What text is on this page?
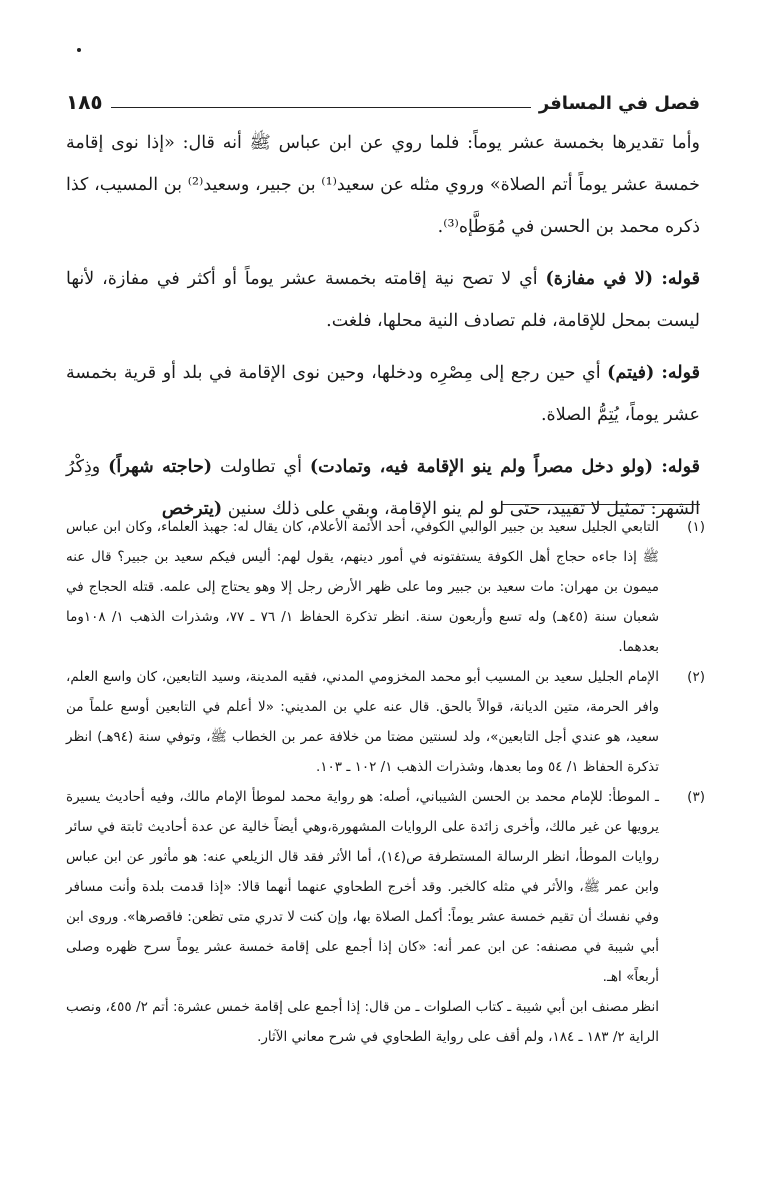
فصل في المسافر
١٨٥

وأما تقديرها بخمسة عشر يوماً: فلما روي عن ابن عباس ﷺ أنه قال: «إذا نوى إقامة خمسة عشر يوماً أتم الصلاة» وروي مثله عن سعيد⁽¹⁾ بن جبير، وسعيد⁽²⁾ بن المسيب، كذا ذكره محمد بن الحسن في مُوَطَّإه⁽³⁾.

قوله: (لا في مفازة) أي لا تصح نية إقامته بخمسة عشر يوماً أو أكثر في مفازة، لأنها ليست بمحل للإقامة، فلم تصادف النية محلها، فلغت.

قوله: (فيتم) أي حين رجع إلى مِصْرِه ودخلها، وحين نوى الإقامة في بلد أو قرية بخمسة عشر يوماً، يُتِمُّ الصلاة.

قوله: (ولو دخل مصراً ولم ينو الإقامة فيه، وتمادت) أي تطاولت (حاجته شهراً) وذِكْرُ الشهر: تمثيل لا تقييد، حتى لو لم ينو الإقامة، وبقي على ذلك سنين (يترخص

(١)

التابعي الجليل سعيد بن جبير الوالبي الكوفي، أحد الأئمة الأعلام، كان يقال له: جهبذ العلماء، وكان ابن عباس ﷺ إذا جاءه حجاج أهل الكوفة يستفتونه في أمور دينهم، يقول لهم: أليس فيكم سعيد بن جبير؟ قال عنه ميمون بن مهران: مات سعيد بن جبير وما على ظهر الأرض رجل إلا وهو يحتاج إلى علمه. قتله الحجاج في شعبان سنة (٤٥هـ) وله تسع وأربعون سنة. انظر تذكرة الحفاظ ١/ ٧٦ ـ ٧٧، وشذرات الذهب ١/ ١٠٨وما بعدهما.

(٢)

الإمام الجليل سعيد بن المسيب أبو محمد المخزومي المدني، فقيه المدينة، وسيد التابعين، كان واسع العلم، وافر الحرمة، متين الديانة، قوالاً بالحق. قال عنه علي بن المديني: «لا أعلم في التابعين أوسع علماً من سعيد، هو عندي أجل التابعين»، ولد لسنتين مضتا من خلافة عمر بن الخطاب ﷺ، وتوفي سنة (٩٤هـ) انظر تذكرة الحفاظ ١/ ٥٤ وما بعدها، وشذرات الذهب ١/ ١٠٢ ـ ١٠٣.

(٣)

ـ الموطأ: للإمام محمد بن الحسن الشيباني، أصله: هو رواية محمد لموطأ الإمام مالك، وفيه أحاديث يسيرة يرويها عن غير مالك، وأخرى زائدة على الروايات المشهورة،وهي أيضاً خالية عن عدة أحاديث ثابتة في سائر روايات الموطأ، انظر الرسالة المستطرفة ص(١٤)، أما الأثر فقد قال الزيلعي عنه: هو مأثور عن ابن عباس وابن عمر ﷺ، والأثر في مثله كالخبر. وقد أخرج الطحاوي عنهما أنهما قالا: «إذا قدمت بلدة وأنت مسافر وفي نفسك أن تقيم خمسة عشر يوماً: أكمل الصلاة بها، وإن كنت لا تدري متى تظعن: فاقصرها». وروى ابن أبي شيبة في مصنفه: عن ابن عمر أنه: «كان إذا أجمع على إقامة خمسة عشر يوماً سرح ظهره وصلى أربعاً» اهـ.

انظر مصنف ابن أبي شيبة ـ كتاب الصلوات ـ من قال: إذا أجمع على إقامة خمس عشرة: أتم ٢/ ٤٥٥، ونصب الراية ٢/ ١٨٣ ـ ١٨٤، ولم أقف على رواية الطحاوي في شرح معاني الآثار.
